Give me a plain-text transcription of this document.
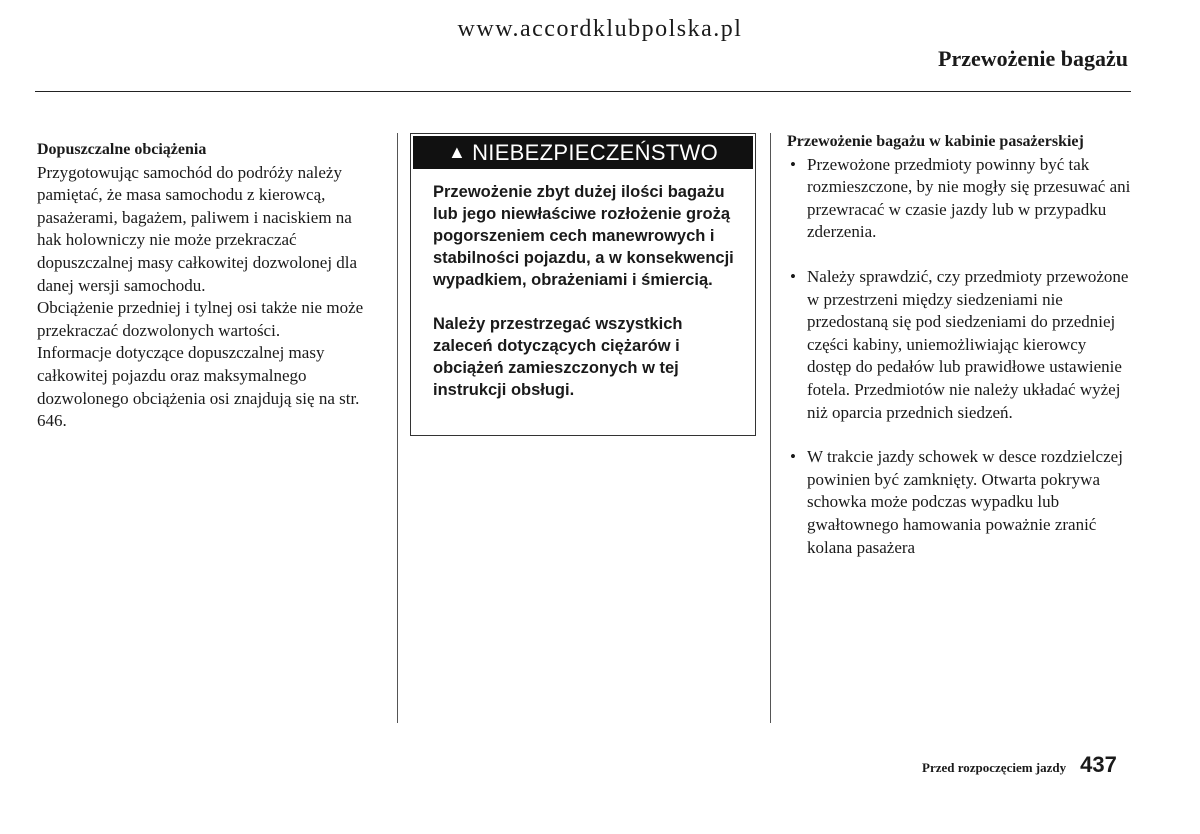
www.accordklubpolska.pl
Przewożenie bagażu
Dopuszczalne obciążenia
Przygotowując samochód do podróży należy pamiętać, że masa samochodu z kierowcą, pasażerami, bagażem, paliwem i naciskiem na hak holowniczy nie może przekraczać dopuszczalnej masy całkowitej dozwolonej dla danej wersji samochodu.
Obciążenie przedniej i tylnej osi także nie może przekraczać dozwolonych wartości.
Informacje dotyczące dopuszczalnej masy całkowitej pojazdu oraz maksymalnego dozwolonego obciążenia osi znajdują się na str. 646.
▲ NIEBEZPIECZEŃSTWO
Przewożenie zbyt dużej ilości bagażu lub jego niewłaściwe rozłożenie grożą pogorszeniem cech manewrowych i stabilności pojazdu, a w konsekwencji wypadkiem, obrażeniami i śmiercią.
Należy przestrzegać wszystkich zaleceń dotyczących ciężarów i obciążeń zamieszczonych w tej instrukcji obsługi.
Przewożenie bagażu w kabinie pasażerskiej
• Przewożone przedmioty powinny być tak rozmieszczone, by nie mogły się przesuwać ani przewracać w czasie jazdy lub w przypadku zderzenia.
• Należy sprawdzić, czy przedmioty przewożone w przestrzeni między siedzeniami nie przedostaną się pod siedzeniami do przedniej części kabiny, uniemożliwiając kierowcy dostęp do pedałów lub prawidłowe ustawienie fotela. Przedmiotów nie należy układać wyżej niż oparcia przednich siedzeń.
• W trakcie jazdy schowek w desce rozdzielczej powinien być zamknięty. Otwarta pokrywa schowka może podczas wypadku lub gwałtownego hamowania poważnie zranić kolana pasażera
Przed rozpoczęciem jazdy 437
